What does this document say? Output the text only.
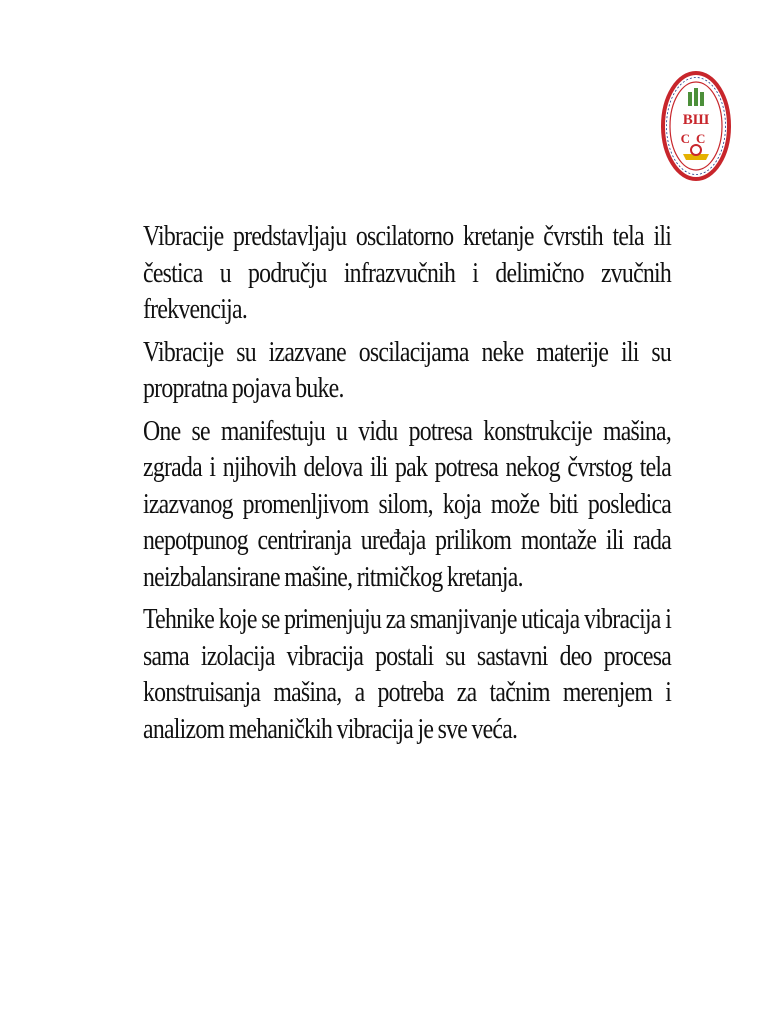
ВШ
СС

Vibracije predstavljaju oscilatorno kretanje čvrstih tela ili čestica u području infrazvučnih i delimično zvučnih frekvencija.

Vibracije su izazvane oscilacijama neke materije ili su propratna pojava buke.

One se manifestuju u vidu potresa konstrukcije mašina, zgrada i njihovih delova ili pak potresa nekog čvrstog tela izazvanog promenljivom silom, koja može biti posledica nepotpunog centriranja uređaja prilikom montaže ili rada neizbalansirane mašine, ritmičkog kretanja.

Tehnike koje se primenjuju za smanjivanje uticaja vibracija i sama izolacija vibracija postali su sastavni deo procesa konstruisanja mašina, a potreba za tačnim merenjem i analizom mehaničkih vibracija je sve veća.
